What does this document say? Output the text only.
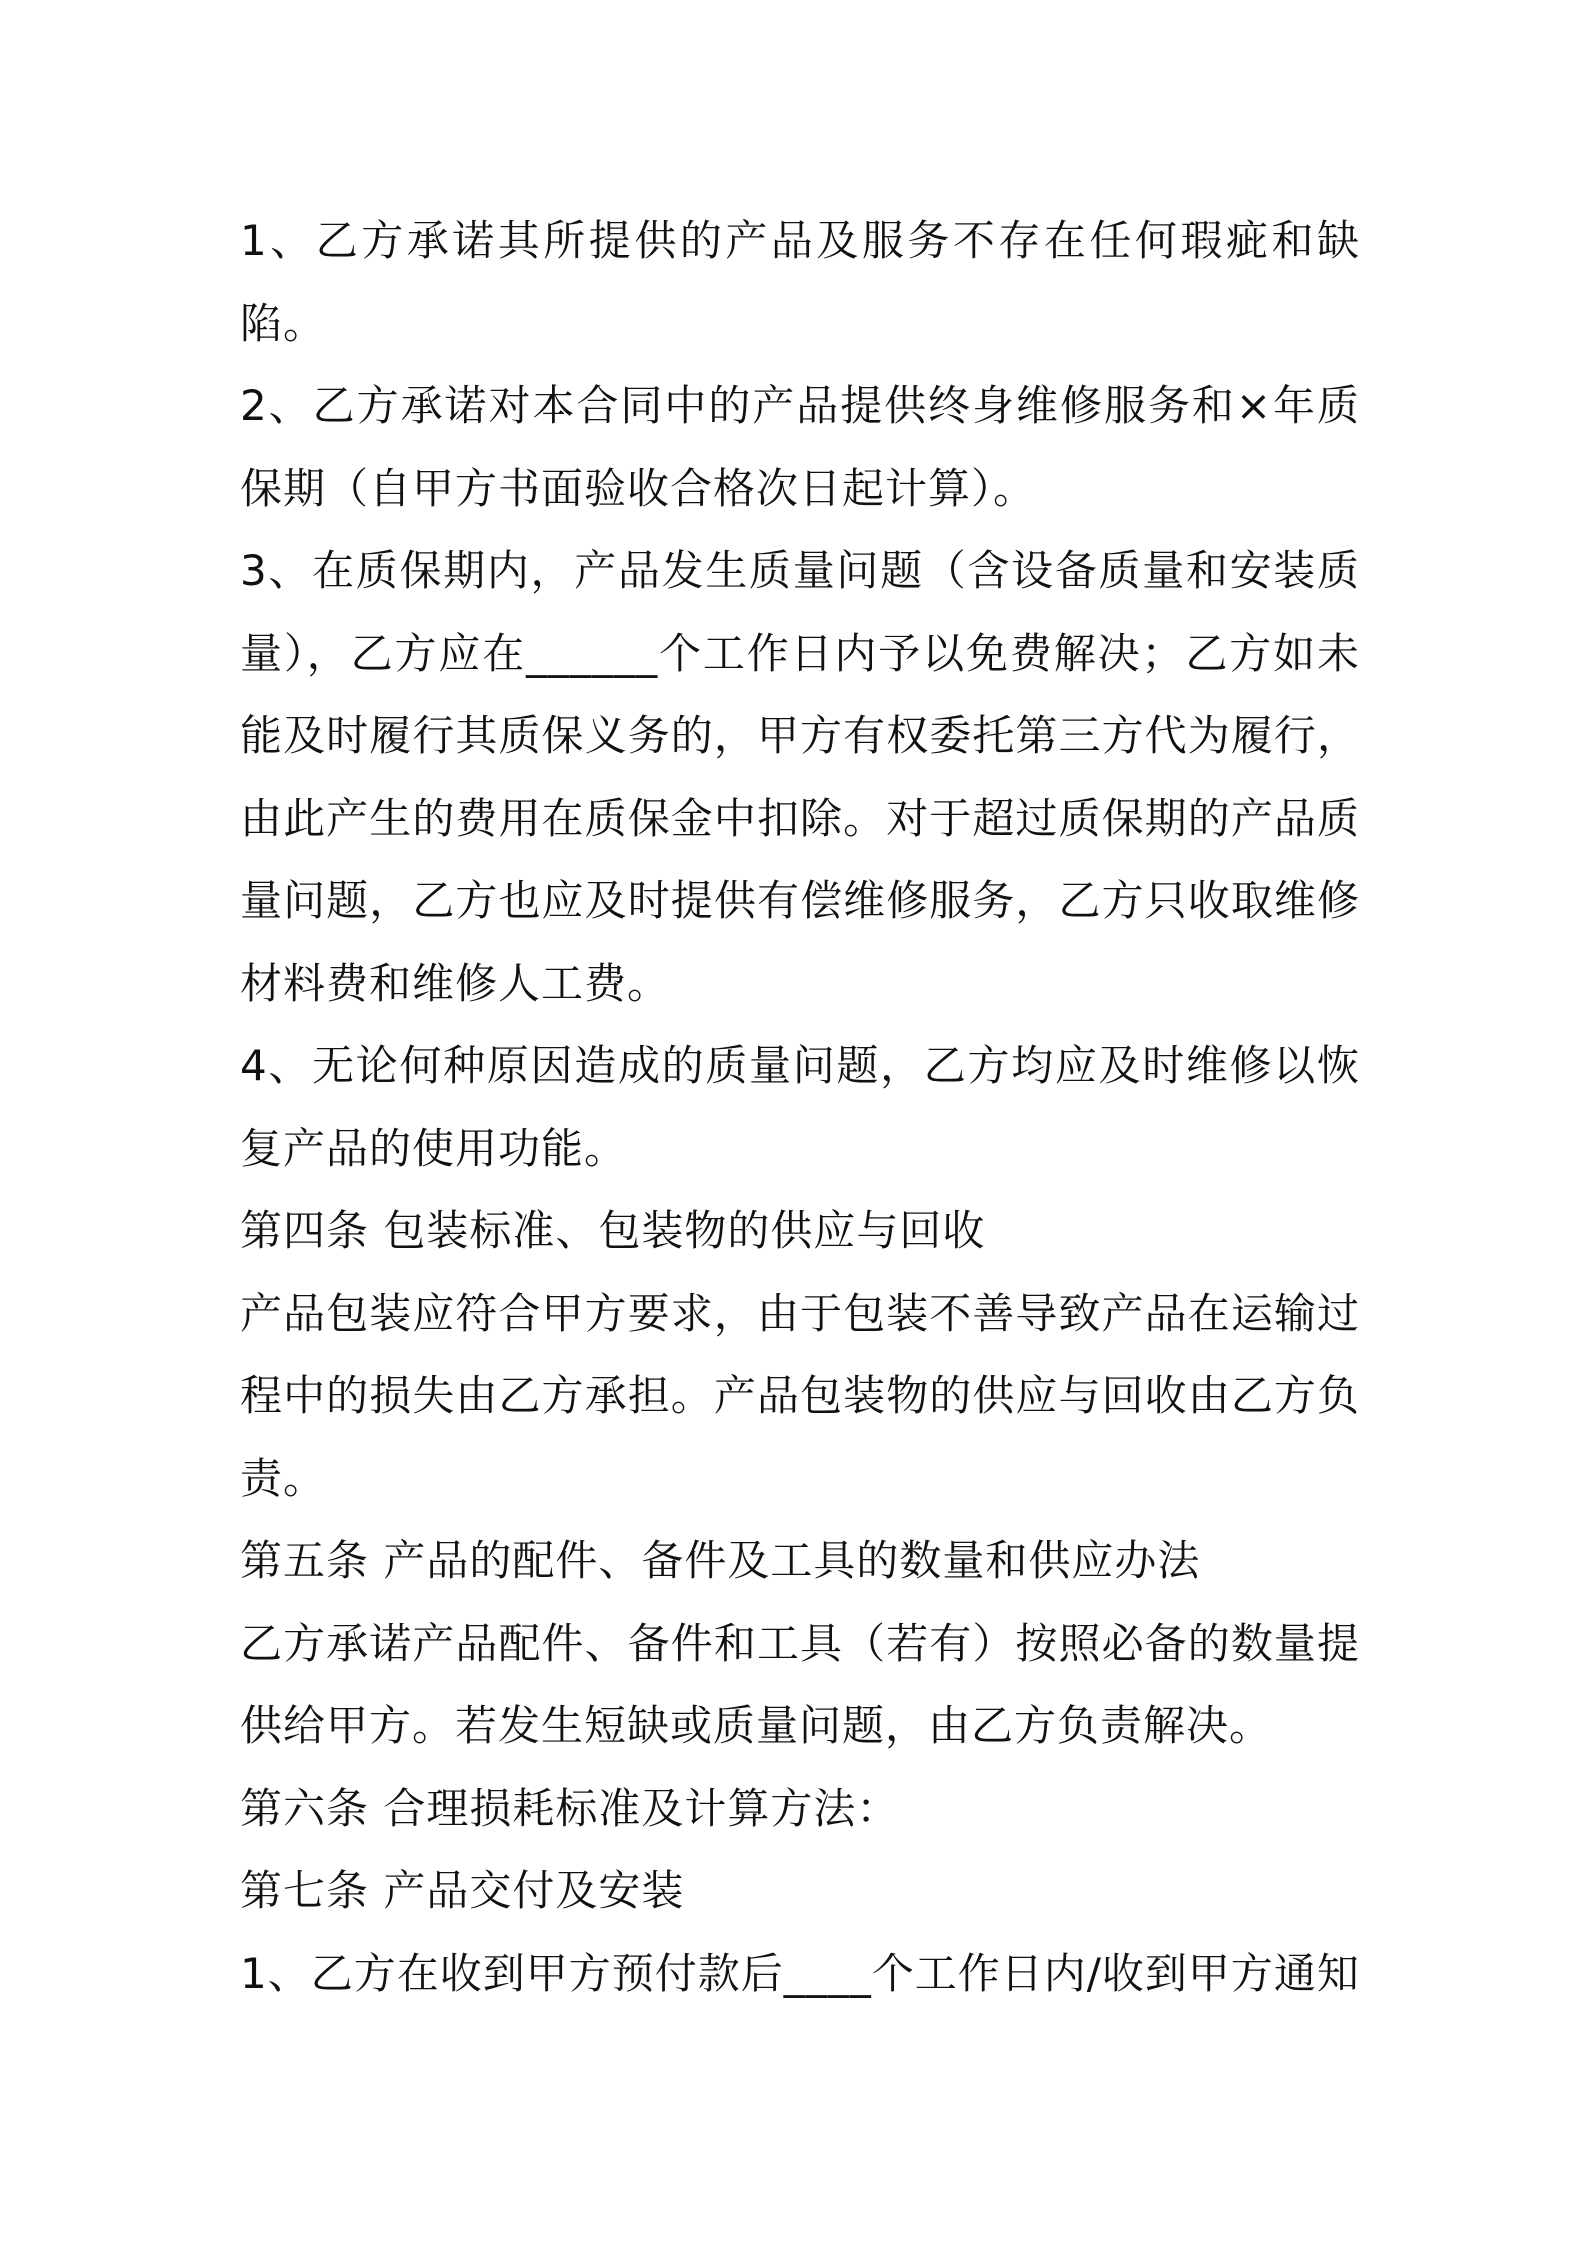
1、乙方承诺其所提供的产品及服务不存在任何瑕疵和缺陷。

2、乙方承诺对本合同中的产品提供终身维修服务和×年质保期（自甲方书面验收合格次日起计算）。

3、在质保期内，产品发生质量问题（含设备质量和安装质量），乙方应在______个工作日内予以免费解决；乙方如未能及时履行其质保义务的，甲方有权委托第三方代为履行，由此产生的费用在质保金中扣除。对于超过质保期的产品质量问题，乙方也应及时提供有偿维修服务，乙方只收取维修材料费和维修人工费。

4、无论何种原因造成的质量问题，乙方均应及时维修以恢复产品的使用功能。

第四条 包装标准、包装物的供应与回收

产品包装应符合甲方要求，由于包装不善导致产品在运输过程中的损失由乙方承担。产品包装物的供应与回收由乙方负责。

第五条 产品的配件、备件及工具的数量和供应办法

乙方承诺产品配件、备件和工具（若有）按照必备的数量提供给甲方。若发生短缺或质量问题，由乙方负责解决。

第六条 合理损耗标准及计算方法：

第七条 产品交付及安装

1、乙方在收到甲方预付款后____个工作日内/收到甲方通知
